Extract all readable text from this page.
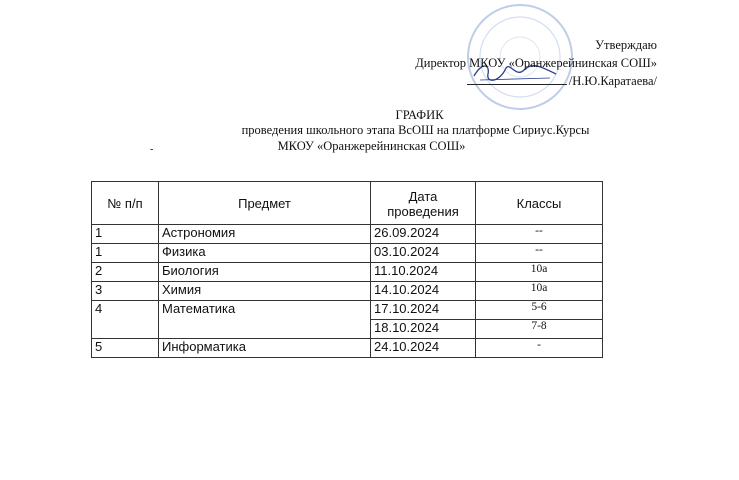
Утверждаю
Директор МКОУ «Оранжерейнинская СОШ»
/Н.Ю.Каратаева/
ГРАФИК
проведения школьного этапа ВсОШ на платформе Сириус.Курсы
МКОУ «Оранжерейнинская СОШ»
-
№ п/п	Предмет	Дата проведения	Классы
1	Астрономия	26.09.2024	--
1	Физика	03.10.2024	--
2	Биология	11.10.2024	10а
3	Химия	14.10.2024	10а
4	Математика	17.10.2024	5-6
		18.10.2024	7-8
5	Информатика	24.10.2024	-
